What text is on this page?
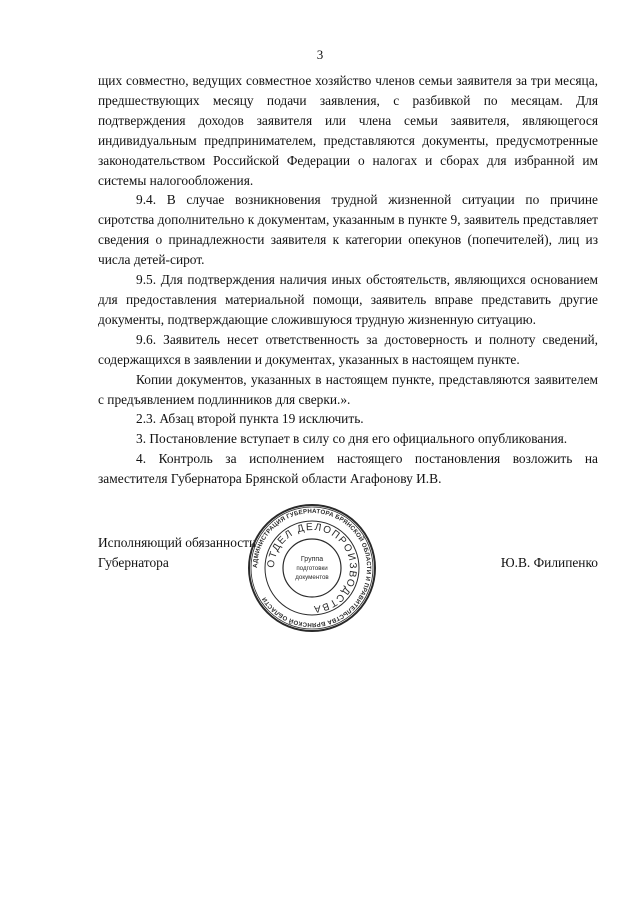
3

щих совместно, ведущих совместное хозяйство членов семьи заявителя за три месяца, предшествующих месяцу подачи заявления, с разбивкой по месяцам. Для подтверждения доходов заявителя или члена семьи заявителя, являющегося индивидуальным предпринимателем, представляются документы, предусмотренные законодательством Российской Федерации о налогах и сборах для избранной им системы налогообложения.

9.4. В случае возникновения трудной жизненной ситуации по причине сиротства дополнительно к документам, указанным в пункте 9, заявитель представляет сведения о принадлежности заявителя к категории опекунов (попечителей), лиц из числа детей-сирот.

9.5. Для подтверждения наличия иных обстоятельств, являющихся основанием для предоставления материальной помощи, заявитель вправе представить другие документы, подтверждающие сложившуюся трудную жизненную ситуацию.

9.6. Заявитель несет ответственность за достоверность и полноту сведений, содержащихся в заявлении и документах, указанных в настоящем пункте.

Копии документов, указанных в настоящем пункте, представляются заявителем с предъявлением подлинников для сверки.».

2.3. Абзац второй пункта 19 исключить.

3. Постановление вступает в силу со дня его официального опубликования.

4. Контроль за исполнением настоящего постановления возложить на заместителя Губернатора Брянской области Агафонову И.В.

Исполняющий обязанности

Губернатора	Ю.В. Филипенко
АДМИНИСТРАЦИЯ ГУБЕРНАТОРА БРЯНСКОЙ ОБЛАСТИ И ПРАВИТЕЛЬСТВА БРЯНСКОЙ ОБЛАСТИ
ОТДЕЛ ДЕЛОПРОИЗВОДСТВА
Группа
подготовки
документов
